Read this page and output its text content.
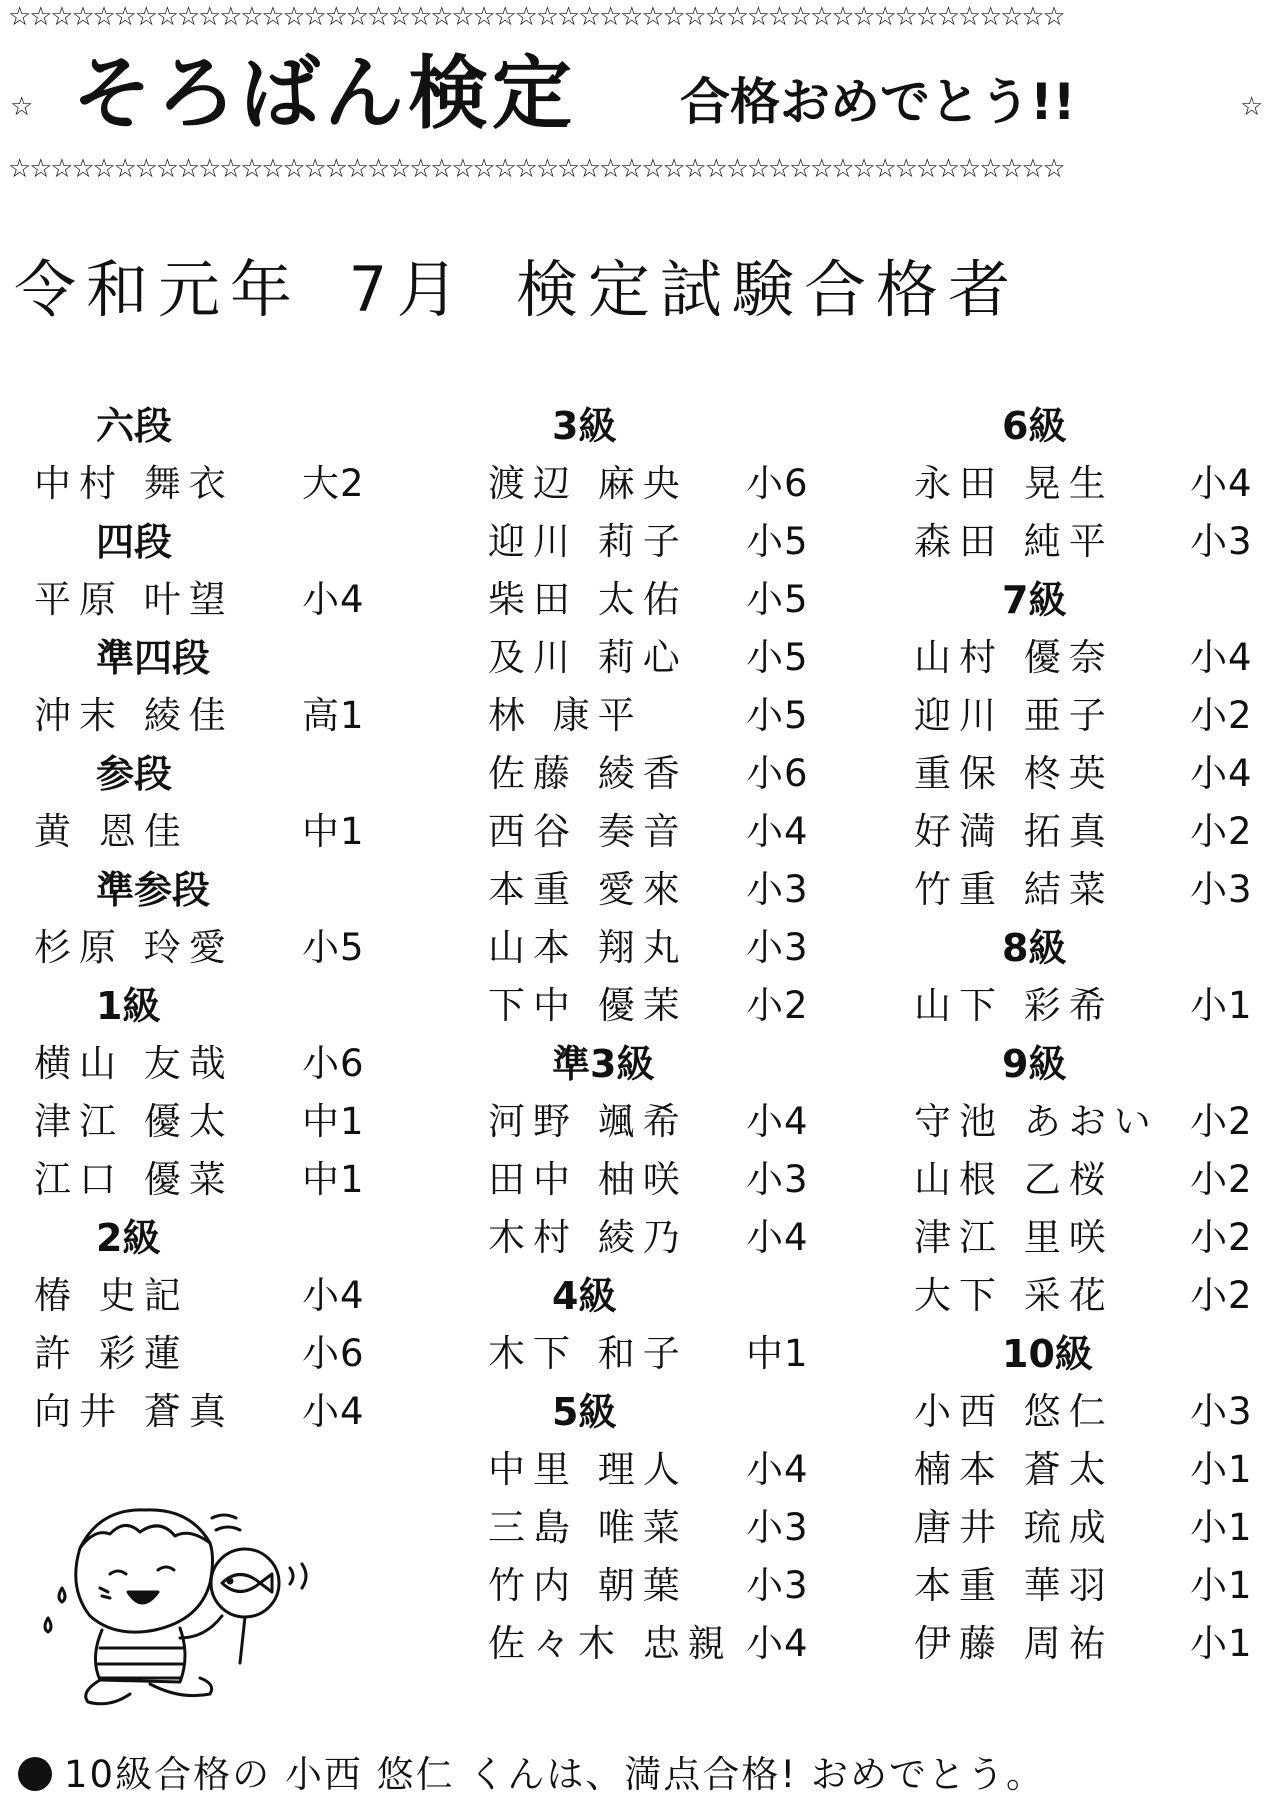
☆☆☆☆☆☆☆☆☆☆☆☆☆☆☆☆☆☆☆☆☆☆☆☆☆☆☆☆☆☆☆☆☆☆☆☆☆☆☆☆☆☆☆☆☆☆☆☆☆☆
☆ そろばん検定 合格おめでとう!!	☆
☆☆☆☆☆☆☆☆☆☆☆☆☆☆☆☆☆☆☆☆☆☆☆☆☆☆☆☆☆☆☆☆☆☆☆☆☆☆☆☆☆☆☆☆☆☆☆☆☆☆
令和元年 7月 検定試験合格者
六段
中村 舞衣 大2
四段
平原 叶望 小4
準四段
沖末 綾佳 高1
参段
黄 恩佳	中1
準参段
杉原 玲愛 小5
1級
横山 友哉 小6
津江 優太 中1
江口 優菜 中1
2級
椿 史記	小4
許 彩蓮	小6
向井 蒼真 小4
3級
渡辺 麻央 小6
迎川 莉子 小5
柴田 太佑 小5
及川 莉心 小5
林 康平	小5
佐藤 綾香 小6
西谷 奏音 小4
本重 愛來 小3
山本 翔丸 小3
下中 優茉 小2
準3級
河野 颯希 小4
田中 柚咲 小3
木村 綾乃 小4
4級
木下 和子 中1
5級
中里 理人 小4
三島 唯菜 小3
竹内 朝葉 小3
佐々木 忠親 小4
6級
永田 晃生 小4
森田 純平 小3
7級
山村 優奈 小4
迎川 亜子 小2
重保 柊英 小4
好満 拓真 小2
竹重 結菜 小3
8級
山下 彩希 小1
9級
守池 あおい 小2
山根 乙桜 小2
津江 里咲 小2
大下 采花 小2
10級
小西 悠仁 小3
楠本 蒼太 小1
唐井 琉成 小1
本重 華羽 小1
伊藤 周祐 小1
10級合格の 小西 悠仁 くんは、満点合格! おめでとう。
